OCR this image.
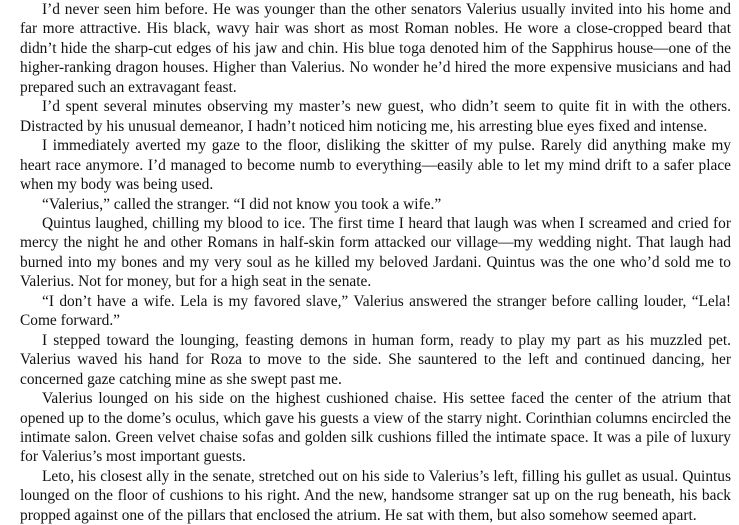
I’d never seen him before. He was younger than the other senators Valerius usually invited into his home and far more attractive. His black, wavy hair was short as most Roman nobles. He wore a close-cropped beard that didn’t hide the sharp-cut edges of his jaw and chin. His blue toga denoted him of the Sapphirus house—one of the higher-ranking dragon houses. Higher than Valerius. No wonder he’d hired the more expensive musicians and had prepared such an extravagant feast.

I’d spent several minutes observing my master’s new guest, who didn’t seem to quite fit in with the others. Distracted by his unusual demeanor, I hadn’t noticed him noticing me, his arresting blue eyes fixed and intense.

I immediately averted my gaze to the floor, disliking the skitter of my pulse. Rarely did anything make my heart race anymore. I’d managed to become numb to everything—easily able to let my mind drift to a safer place when my body was being used.

“Valerius,” called the stranger. “I did not know you took a wife.”

Quintus laughed, chilling my blood to ice. The first time I heard that laugh was when I screamed and cried for mercy the night he and other Romans in half-skin form attacked our village—my wedding night. That laugh had burned into my bones and my very soul as he killed my beloved Jardani. Quintus was the one who’d sold me to Valerius. Not for money, but for a high seat in the senate.

“I don’t have a wife. Lela is my favored slave,” Valerius answered the stranger before calling louder, “Lela! Come forward.”

I stepped toward the lounging, feasting demons in human form, ready to play my part as his muzzled pet. Valerius waved his hand for Roza to move to the side. She sauntered to the left and continued dancing, her concerned gaze catching mine as she swept past me.

Valerius lounged on his side on the highest cushioned chaise. His settee faced the center of the atrium that opened up to the dome’s oculus, which gave his guests a view of the starry night. Corinthian columns encircled the intimate salon. Green velvet chaise sofas and golden silk cushions filled the intimate space. It was a pile of luxury for Valerius’s most important guests.

Leto, his closest ally in the senate, stretched out on his side to Valerius’s left, filling his gullet as usual. Quintus lounged on the floor of cushions to his right. And the new, handsome stranger sat up on the rug beneath, his back propped against one of the pillars that enclosed the atrium. He sat with them, but also somehow seemed apart.
